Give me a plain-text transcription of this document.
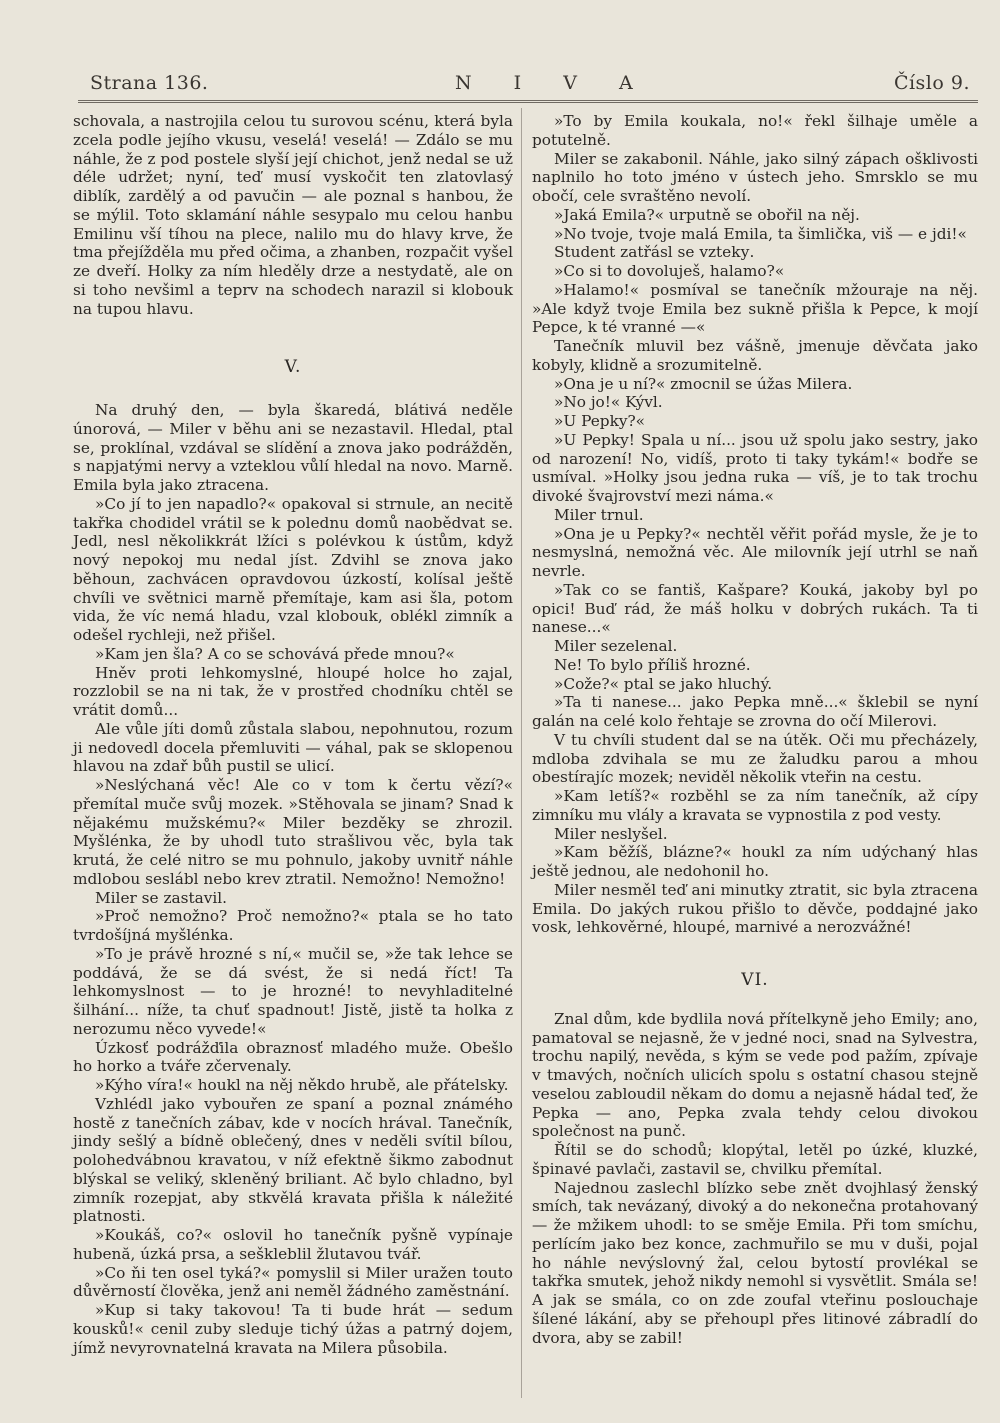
Strana 136.	N I V A	Číslo 9.

schovala, a nastrojila celou tu surovou scénu, která byla zcela podle jejího vkusu, veselá! veselá! — Zdálo se mu náhle, že z pod postele slyší její chichot, jenž nedal se už déle udržet; nyní, teď musí vyskočit ten zlatovlasý diblík, zardělý a od pavučin — ale poznal s hanbou, že se mýlil. Toto sklamání náhle sesypalo mu celou hanbu Emilinu vší tíhou na plece, nalilo mu do hlavy krve, že tma přejížděla mu před očima, a zhanben, rozpačit vyšel ze dveří. Holky za ním hleděly drze a nestydatě, ale on si toho nevšiml a teprv na schodech narazil si klobouk na tupou hlavu.

V.

Na druhý den, — byla škaredá, blátivá neděle únorová, — Miler v běhu ani se nezastavil. Hledal, ptal se, proklínal, vzdával se slídění a znova jako podrážděn, s napjatými nervy a vzteklou vůlí hledal na novo. Marně. Emila byla jako ztracena.

»Co jí to jen napadlo?« opakoval si strnule, an necitě takřka chodidel vrátil se k polednu domů naobědvat se. Jedl, nesl několikkrát lžíci s polévkou k ústům, když nový nepokoj mu nedal jíst. Zdvihl se znova jako běhoun, zachvácen opravdovou úzkostí, kolísal ještě chvíli ve světnici marně přemítaje, kam asi šla, potom vida, že víc nemá hladu, vzal klobouk, oblékl zimník a odešel rychleji, než přišel.

»Kam jen šla? A co se schovává přede mnou?«

Hněv proti lehkomyslné, hloupé holce ho zajal, rozzlobil se na ni tak, že v prostřed chodníku chtěl se vrátit domů...

Ale vůle jíti domů zůstala slabou, nepohnutou, rozum ji nedovedl docela přemluviti — váhal, pak se sklopenou hlavou na zdař bůh pustil se ulicí.

»Neslýchaná věc! Ale co v tom k čertu vězí?« přemítal muče svůj mozek. »Stěhovala se jinam? Snad k nějakému mužskému?« Miler bezděky se zhrozil. Myšlénka, že by uhodl tuto strašlivou věc, byla tak krutá, že celé nitro se mu pohnulo, jakoby uvnitř náhle mdlobou seslábl nebo krev ztratil. Nemožno! Nemožno!

Miler se zastavil.

»Proč nemožno? Proč nemožno?« ptala se ho tato tvrdošíjná myšlénka.

»To je právě hrozné s ní,« mučil se, »že tak lehce se poddává, že se dá svést, že si nedá říct! Ta lehkomyslnost — to je hrozné! to nevyhladitelné šilhání... níže, ta chuť spadnout! Jistě, jistě ta holka z nerozumu něco vyvede!«

Úzkosť podrážďila obraznosť mladého muže. Obešlo ho horko a tváře zčervenaly.

»Kýho víra!« houkl na něj někdo hrubě, ale přátelsky.

Vzhlédl jako vybouřen ze spaní a poznal známého hostě z tanečních zábav, kde v nocích hrával. Tanečník, jindy sešlý a bídně oblečený, dnes v neděli svítil bílou, polohedvábnou kravatou, v níž efektně šikmo zabodnut blýskal se veliký, skleněný briliant. Ač bylo chladno, byl zimník rozepjat, aby stkvělá kravata přišla k náležité platnosti.

»Koukáš, co?« oslovil ho tanečník pyšně vypínaje hubenă, úzká prsa, a seškleblil žlutavou tvář.

»Co ňi ten osel tyká?« pomyslil si Miler uražen touto důvěrností člověka, jenž ani neměl žádného zaměstnání.

»Kup si taky takovou! Ta ti bude hrát — sedum kousků!« cenil zuby sleduje tichý úžas a patrný dojem, jímž nevyrovnatelná kravata na Milera působila.

»To by Emila koukala, no!« řekl šilhaje uměle a potutelně.

Miler se zakabonil. Náhle, jako silný zápach ošklivosti naplnilo ho toto jméno v ústech jeho. Smrsklo se mu obočí, cele svraštěno nevolí.

»Jaká Emila?« urputně se obořil na něj.

»No tvoje, tvoje malá Emila, ta šimlička, viš — e jdi!«

Student zatřásl se vztekу.

»Co si to dovoluješ, halamo?«

»Halamo!« posmíval se tanečník mžouraje na něj. »Ale když tvoje Emila bez sukně přišla k Pepce, k mojí Pepce, k té vranné —«

Tanečník mluvil bez vášně, jmenuje děvčata jako kobyly, klidně a srozumitelně.

»Ona je u ní?« zmocnil se úžas Milera.

»No jo!« Kývl.

»U Pepky?«

»U Pepky! Spala u ní... jsou už spolu jako sestry, jako od narození! No, vidíš, proto ti taky tykám!« bodře se usmíval. »Holky jsou jedna ruka — víš, je to tak trochu divoké švajrovství mezi náma.«

Miler trnul.

»Ona je u Pepky?« nechtěl věřit pořád mysle, že je to nesmyslná, nemožná věc. Ale milovník její utrhl se naň nevrle.

»Tak co se fantiš, Kašpare? Kouká, jakoby byl po opici! Buď rád, že máš holku v dobrých rukách. Ta ti nanese...«

Miler sezelenal.

Ne! To bylo příliš hrozné.

»Cože?« ptal se jako hluchý.

»Ta ti nanese... jako Pepka mně...« šklebil se nyní galán na celé kolo řehtaje se zrovna do očí Milerovi.

V tu chvíli student dal se na útěk. Oči mu přecházely, mdloba zdvihala se mu ze žaludku parou a mhou obestírajíc mozek; neviděl několik vteřin na cestu.

»Kam letíš?« rozběhl se za ním tanečník, až cípy zimníku mu vlály a kravata se vypnostila z pod vesty.

Miler neslyšel.

»Kam běžíš, blázne?« houkl za ním udýchaný hlas ještě jednou, ale nedohonil ho.

Miler nesměl teď ani minutky ztratit, sic byla ztracena Emila. Do jakých rukou přišlo to děvče, poddajné jako vosk, lehkověrné, hloupé, marnivé a nerozvážné!

VI.

Znal dům, kde bydlila nová přítelkyně jeho Emily; ano, pamatoval se nejasně, že v jedné noci, snad na Sylvestra, trochu napilý, nevěda, s kým se vede pod pažím, zpívaje v tmavých, nočních ulicích spolu s ostatní chasou stejně veselou zabloudil někam do domu a nejasně hádal teď, že Pepka — ano, Pepka zvala tehdy celou divokou společnost na punč.

Řítil se do schodů; klopýtal, letěl po úzké, kluzké, špinavé pavlači, zastavil se, chvilku přemítal.

Najednou zaslechl blízko sebe znět dvojhlasý ženský smích, tak nevázaný, divoký a do nekonečna protahovaný — že mžikem uhodl: to se směje Emila. Při tom smíchu, perlícím jako bez konce, zachmuřilo se mu v duši, pojal ho náhle nevýslovný žal, celou bytostí provlékal se takřka smutek, jehož nikdy nemohl si vysvětlit. Smála se! A jak se smála, co on zde zoufal vteřinu poslouchaje šílené lákání, aby se přehoupl přes litinové zábradlí do dvora, aby se zabil!
